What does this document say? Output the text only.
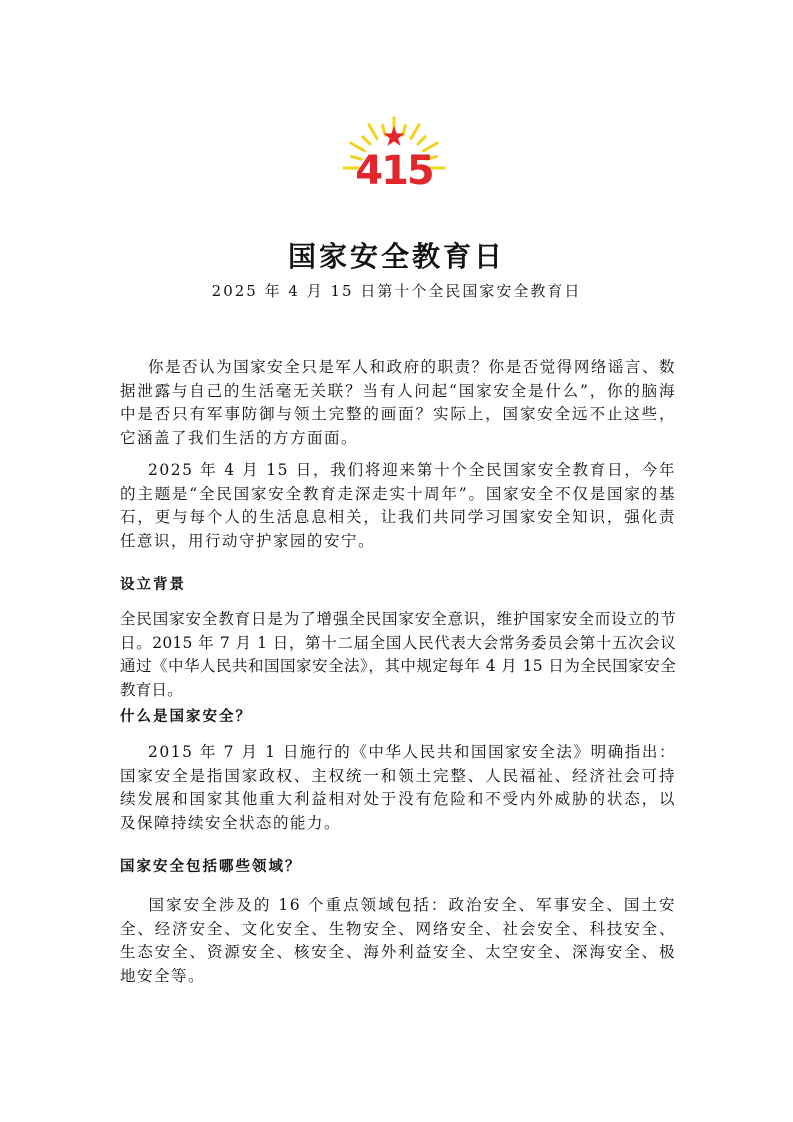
415
国家安全教育日
2025 年 4 月 15 日第十个全民国家安全教育日

你是否认为国家安全只是军人和政府的职责？你是否觉得网络谣言、数据泄露与自己的生活毫无关联？当有人问起“国家安全是什么”，你的脑海中是否只有军事防御与领土完整的画面？实际上，国家安全远不止这些，它涵盖了我们生活的方方面面。

2025 年 4 月 15 日，我们将迎来第十个全民国家安全教育日，今年的主题是“全民国家安全教育走深走实十周年”。国家安全不仅是国家的基石，更与每个人的生活息息相关，让我们共同学习国家安全知识，强化责任意识，用行动守护家园的安宁。

设立背景

全民国家安全教育日是为了增强全民国家安全意识，维护国家安全而设立的节日。2015 年 7 月 1 日，第十二届全国人民代表大会常务委员会第十五次会议通过《中华人民共和国国家安全法》，其中规定每年 4 月 15 日为全民国家安全教育日。

什么是国家安全？

2015 年 7 月 1 日施行的《中华人民共和国国家安全法》明确指出：国家安全是指国家政权、主权统一和领土完整、人民福祉、经济社会可持续发展和国家其他重大利益相对处于没有危险和不受内外威胁的状态，以及保障持续安全状态的能力。

国家安全包括哪些领域？

国家安全涉及的 16 个重点领域包括：政治安全、军事安全、国土安全、经济安全、文化安全、生物安全、网络安全、社会安全、科技安全、生态安全、资源安全、核安全、海外利益安全、太空安全、深海安全、极地安全等。
